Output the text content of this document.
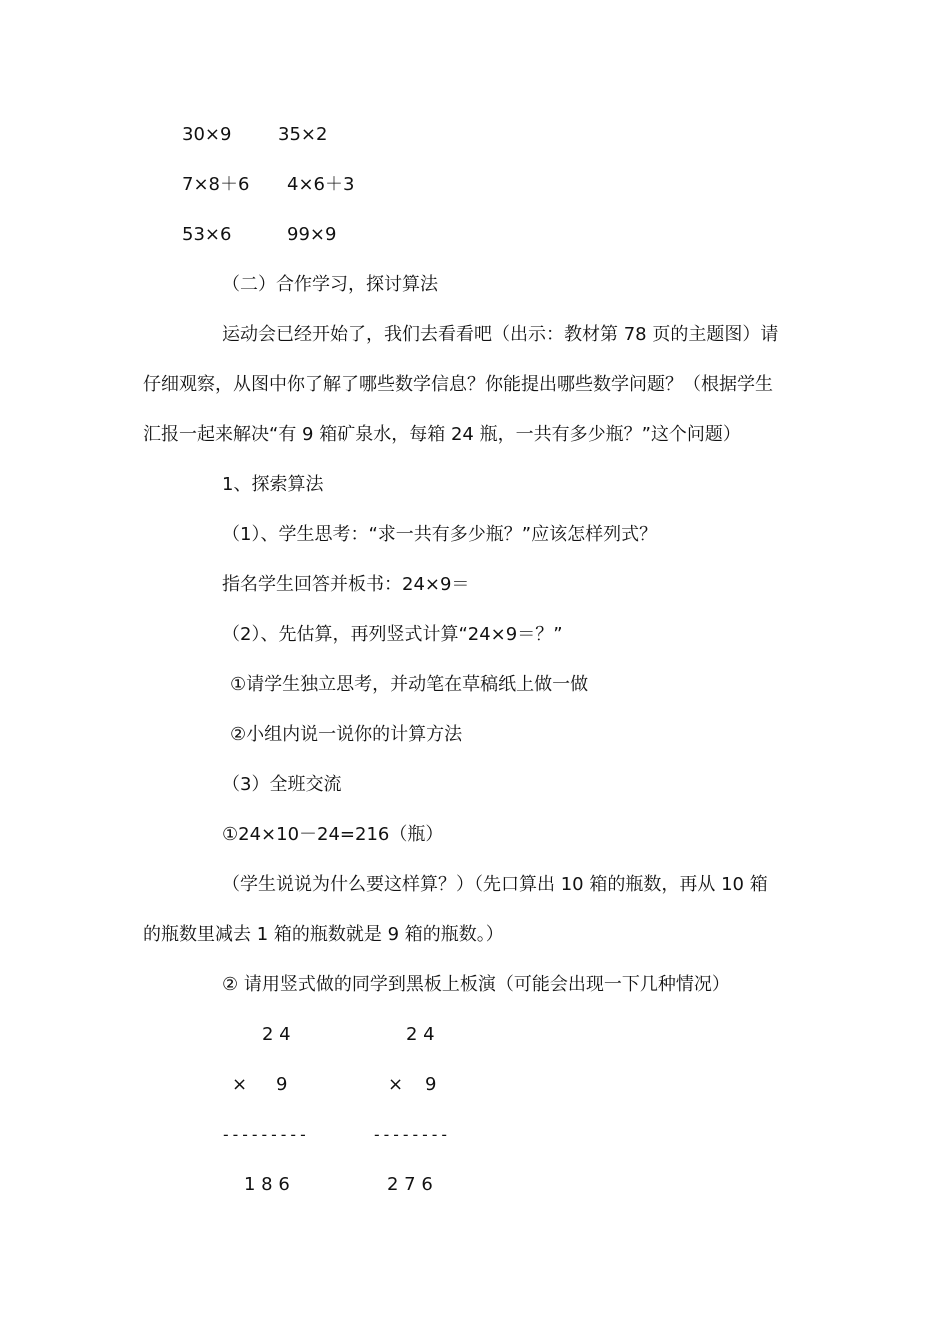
30×9	35×2
7×8＋6 4×6＋3
53×6	99×9
（二）合作学习，探讨算法
运动会已经开始了，我们去看看吧（出示：教材第 78 页的主题图）请
仔细观察，从图中你了解了哪些数学信息？你能提出哪些数学问题？（根据学生
汇报一起来解决“有 9 箱矿泉水，每箱 24 瓶，一共有多少瓶？”这个问题）
1、探索算法
（1）、学生思考：“求一共有多少瓶？”应该怎样列式？
指名学生回答并板书：24×9＝
（2）、先估算，再列竖式计算“24×9＝？”
①请学生独立思考，并动笔在草稿纸上做一做
②小组内说一说你的计算方法
（3）全班交流
①24×10－24=216（瓶）
（学生说说为什么要这样算？）（先口算出 10 箱的瓶数，再从 10 箱
的瓶数里减去 1 箱的瓶数就是 9 箱的瓶数。）
② 请用竖式做的同学到黑板上板演（可能会出现一下几种情况）
2 4
× 9
---------
1 8 6
2 4
× 9
--------
2 7 6
